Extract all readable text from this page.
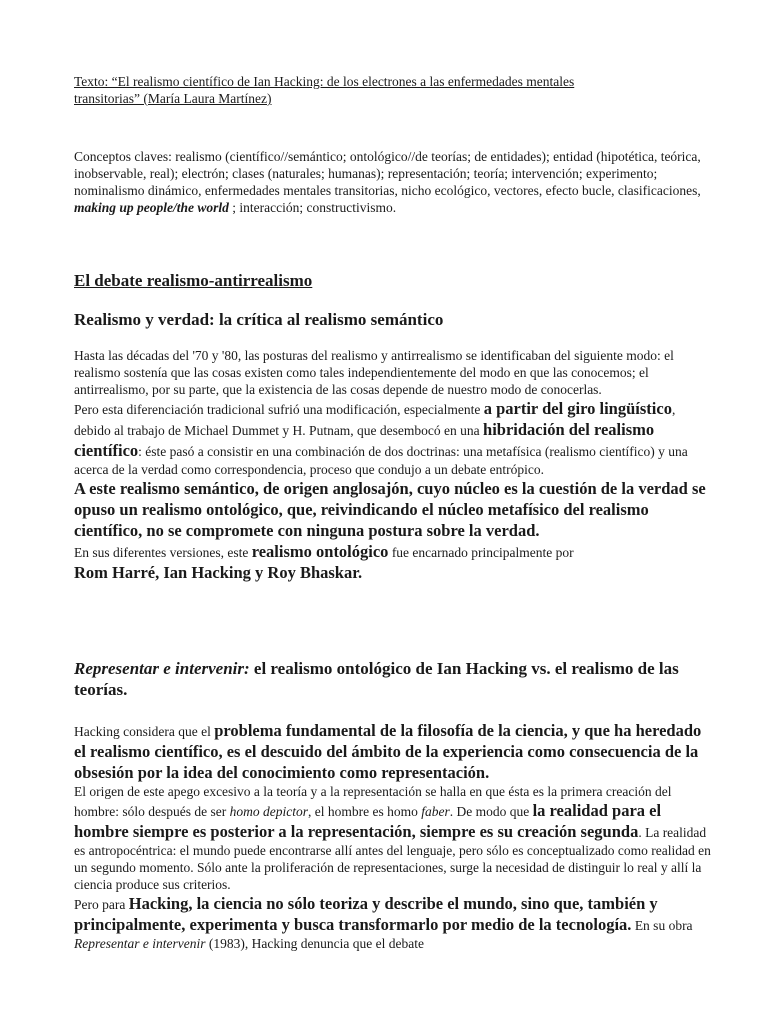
Texto: “El realismo científico de Ian Hacking: de los electrones a las enfermedades mentales

transitorias” (María Laura Martínez)

Conceptos claves: realismo (científico//semántico; ontológico//de teorías; de entidades); entidad (hipotética, teórica, inobservable, real); electrón; clases (naturales; humanas); representación; teoría; intervención; experimento; nominalismo dinámico, enfermedades mentales transitorias, nicho ecológico, vectores, efecto bucle, clasificaciones, making up people/the world ; interacción; constructivismo.

El debate realismo-antirrealismo

Realismo y verdad: la crítica al realismo semántico

Hasta las décadas del '70 y '80, las posturas del realismo y antirrealismo se identificaban del siguiente modo: el realismo sostenía que las cosas existen como tales independientemente del modo en que las conocemos; el antirrealismo, por su parte, que la existencia de las cosas depende de nuestro modo de conocerlas.

Pero esta diferenciación tradicional sufrió una modificación, especialmente a partir del giro lingüístico, debido al trabajo de Michael Dummet y H. Putnam, que desembocó en una hibridación del realismo científico: éste pasó a consistir en una combinación de dos doctrinas: una metafísica (realismo científico) y una acerca de la verdad como correspondencia, proceso que condujo a un debate entrópico.

A este realismo semántico, de origen anglosajón, cuyo núcleo es la cuestión de la verdad se opuso un realismo ontológico, que, reivindicando el núcleo metafísico del realismo científico, no se compromete con ninguna postura sobre la verdad.

En sus diferentes versiones, este realismo ontológico fue encarnado principalmente por
Rom Harré, Ian Hacking y Roy Bhaskar.

Representar e intervenir: el realismo ontológico de Ian Hacking vs. el realismo de las teorías.

Hacking considera que el problema fundamental de la filosofía de la ciencia, y que ha heredado el realismo científico, es el descuido del ámbito de la experiencia como consecuencia de la obsesión por la idea del conocimiento como representación.

El origen de este apego excesivo a la teoría y a la representación se halla en que ésta es la primera creación del hombre: sólo después de ser homo depictor, el hombre es homo faber. De modo que la realidad para el hombre siempre es posterior a la representación, siempre es su creación segunda. La realidad es antropocéntrica: el mundo puede encontrarse allí antes del lenguaje, pero sólo es conceptualizado como realidad en un segundo momento. Sólo ante la proliferación de representaciones, surge la necesidad de distinguir lo real y allí la ciencia produce sus criterios.

Pero para Hacking, la ciencia no sólo teoriza y describe el mundo, sino que, también y principalmente, experimenta y busca transformarlo por medio de la tecnología. En su obra Representar e intervenir (1983), Hacking denuncia que el debate
